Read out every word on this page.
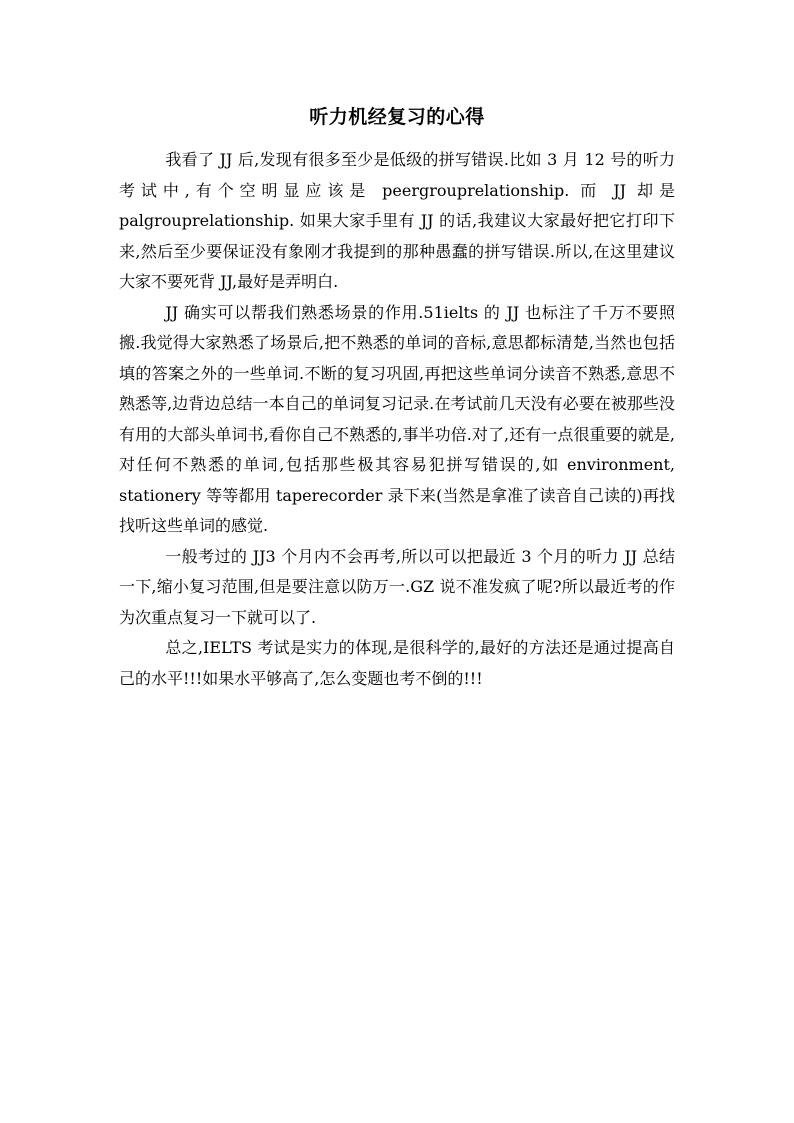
听力机经复习的心得

我看了 JJ 后,发现有很多至少是低级的拼写错误.比如 3 月 12 号的听力考试中,有个空明显应该是 peergrouprelationship. 而 JJ 却是 palgrouprelationship. 如果大家手里有 JJ 的话,我建议大家最好把它打印下来,然后至少要保证没有象刚才我提到的那种愚蠢的拼写错误.所以,在这里建议大家不要死背 JJ,最好是弄明白.

JJ 确实可以帮我们熟悉场景的作用.51ielts 的 JJ 也标注了千万不要照搬.我觉得大家熟悉了场景后,把不熟悉的单词的音标,意思都标清楚,当然也包括填的答案之外的一些单词.不断的复习巩固,再把这些单词分读音不熟悉,意思不熟悉等,边背边总结一本自己的单词复习记录.在考试前几天没有必要在被那些没有用的大部头单词书,看你自己不熟悉的,事半功倍.对了,还有一点很重要的就是,对任何不熟悉的单词,包括那些极其容易犯拼写错误的,如 environment, stationery 等等都用 taperecorder 录下来(当然是拿准了读音自己读的)再找找听这些单词的感觉.

一般考过的 JJ3 个月内不会再考,所以可以把最近 3 个月的听力 JJ 总结一下,缩小复习范围,但是要注意以防万一.GZ 说不准发疯了呢?所以最近考的作为次重点复习一下就可以了.

总之,IELTS 考试是实力的体现,是很科学的,最好的方法还是通过提高自己的水平!!!如果水平够高了,怎么变题也考不倒的!!!
